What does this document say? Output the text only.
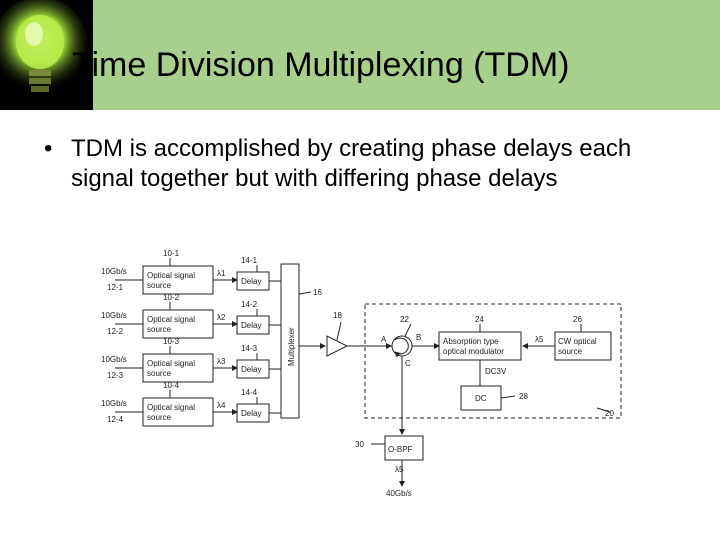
Time Division Multiplexing (TDM)
• TDM is accomplished by creating phase delays each signal together but with differing phase delays
10-1
10Gb/s
12-1
Optical signal
source
λ1
14-1
Delay
10-2
10Gb/s
12-2
Optical signal
source
λ2
14-2
Delay
10-3
10Gb/s
12-3
Optical signal
source
λ3
14-3
Delay
10-4
10Gb/s
12-4
Optical signal
source
λ4
14-4
Delay
Multiplexer
16
18	22
A	B
C
24
Absorption type
optical modulator
λ5
26
CW optical
source
DC3V
DC	28
20
30
O-BPF
λ5
40Gb/s
